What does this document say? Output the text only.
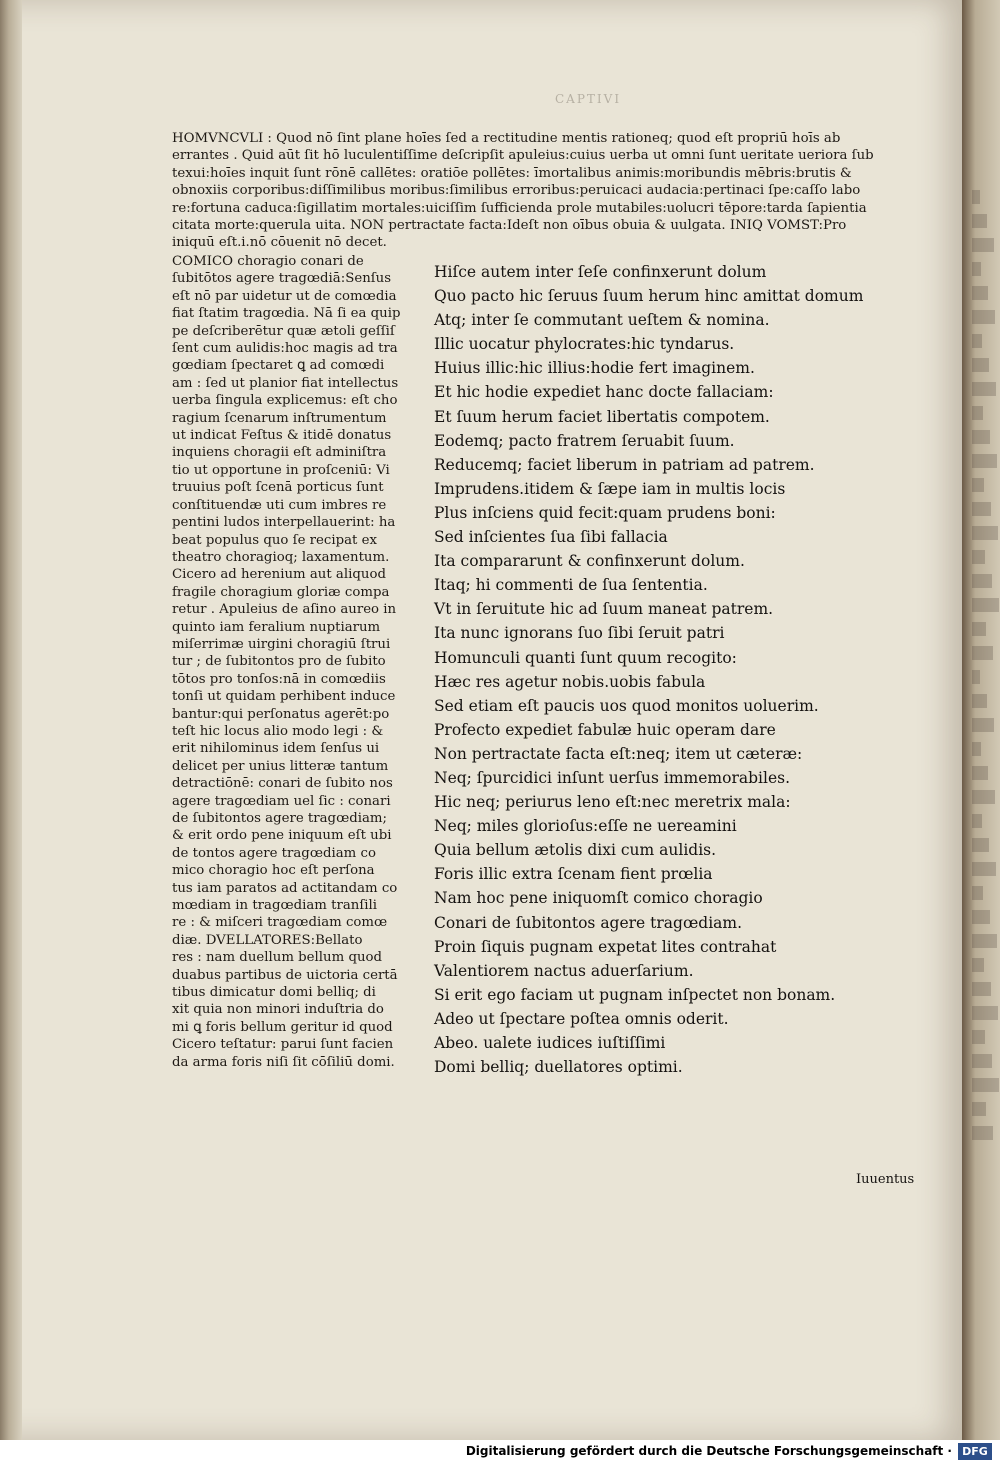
CAPTIVI
HOMVNCVLI : Quod nō ſint plane hoīes ſed a rectitudine mentis rationeq; quod eſt propriū hoīs ab
errantes . Quid aūt ſit hō luculentiſſime deſcripſit apuleius:cuius uerba ut omni ſunt ueritate ueriora ſub
texui:hoīes inquit ſunt rōnē callētes: oratiōe pollētes: īmortalibus animis:moribundis mēbris:brutis &
obnoxiis corporibus:diſſimilibus moribus:ſimilibus erroribus:peruicaci audacia:pertinaci ſpe:caſſo labo
re:fortuna caduca:ſigillatim mortales:uiciſſim ſufficienda prole mutabiles:uolucri tēpore:tarda ſapientia
citata morte:querula uita. NON pertractate facta:Ideſt non oībus obuia & uulgata. INIQ VOMST:Pro
iniquū eſt.i.nō cōuenit nō decet.
COMICO choragio conari de
ſubitōtos agere tragœdiā:Senſus
eſt nō par uidetur ut de comœdia
fiat ſtatim tragœdia. Nā ſi ea quip
pe deſcriberētur quæ ætoli geſſiſ
ſent cum aulidis:hoc magis ad tra
gœdiam ſpectaret ꝗ ad comœdi
am : ſed ut planior fiat intellectus
uerba ſingula explicemus: eſt cho
ragium ſcenarum inſtrumentum
ut indicat Feſtus & itidē donatus
inquiens choragii eſt adminiſtra
tio ut opportune in proſceniū: Vi
truuius poſt ſcenā porticus ſunt
conſtituendæ uti cum imbres re
pentini ludos interpellauerint: ha
beat populus quo ſe recipat ex
theatro choragioq; laxamentum.
Cicero ad herenium aut aliquod
fragile choragium gloriæ compa
retur . Apuleius de aſino aureo in
quinto iam feralium nuptiarum
miſerrimæ uirgini choragiū ſtrui
tur ; de ſubitontos pro de ſubito
tōtos pro tonſos:nā in comœdiis
tonſi ut quidam perhibent induce
bantur:qui perſonatus agerēt:po
teſt hic locus alio modo legi : &
erit nihilominus idem ſenſus ui
delicet per unius litteræ tantum
detractiōnē: conari de ſubito nos
agere tragœdiam uel ſic : conari
de ſubitontos agere tragœdiam;
& erit ordo pene iniquum eſt ubi
de tontos agere tragœdiam co
mico choragio hoc eſt perſona
tus iam paratos ad actitandam co
mœdiam in tragœdiam tranſili
re : & miſceri tragœdiam comœ
diæ. DVELLATORES:Bellato
res : nam duellum bellum quod
duabus partibus de uictoria certā
tibus dimicatur domi belliq; di
xit quia non minori induſtria do
mi ꝗ foris bellum geritur id quod
Cicero teſtatur: parui ſunt facien
da arma foris niſi ſit cōſiliū domi.
Hiſce autem inter ſeſe confinxerunt dolum
Quo pacto hic ſeruus ſuum herum hinc amittat domum
Atq; inter ſe commutant ueſtem & nomina.
Illic uocatur phylocrates:hic tyndarus.
Huius illic:hic illius:hodie fert imaginem.
Et hic hodie expediet hanc docte fallaciam:
Et ſuum herum faciet libertatis compotem.
Eodemq; pacto fratrem ſeruabit ſuum.
Reducemq; faciet liberum in patriam ad patrem.
Imprudens.itidem & ſæpe iam in multis locis
Plus inſciens quid fecit:quam prudens boni:
Sed inſcientes ſua ſibi fallacia
Ita compararunt & confinxerunt dolum.
Itaq; hi commenti de ſua ſententia.
Vt in ſeruitute hic ad ſuum maneat patrem.
Ita nunc ignorans ſuo ſibi ſeruit patri
Homunculi quanti ſunt quum recogito:
Hæc res agetur nobis.uobis fabula
Sed etiam eſt paucis uos quod monitos uoluerim.
Profecto expediet fabulæ huic operam dare
Non pertractate facta eſt:neq; item ut cæteræ:
Neq; ſpurcidici inſunt uerſus immemorabiles.
Hic neq; periurus leno eſt:nec meretrix mala:
Neq; miles glorioſus:eſſe ne uereamini
Quia bellum ætolis dixi cum aulidis.
Foris illic extra ſcenam fient prœlia
Nam hoc pene iniquomſt comico choragio
Conari de ſubitontos agere tragœdiam.
Proin ſiquis pugnam expetat lites contrahat
Valentiorem nactus aduerſarium.
Si erit ego faciam ut pugnam inſpectet non bonam.
Adeo ut ſpectare poſtea omnis oderit.
Abeo. ualete iudices iuſtiſſimi
Domi belliq; duellatores optimi.
Iuuentus
Digitalisierung gefördert durch die Deutsche Forschungsgemeinschaft · DFG
